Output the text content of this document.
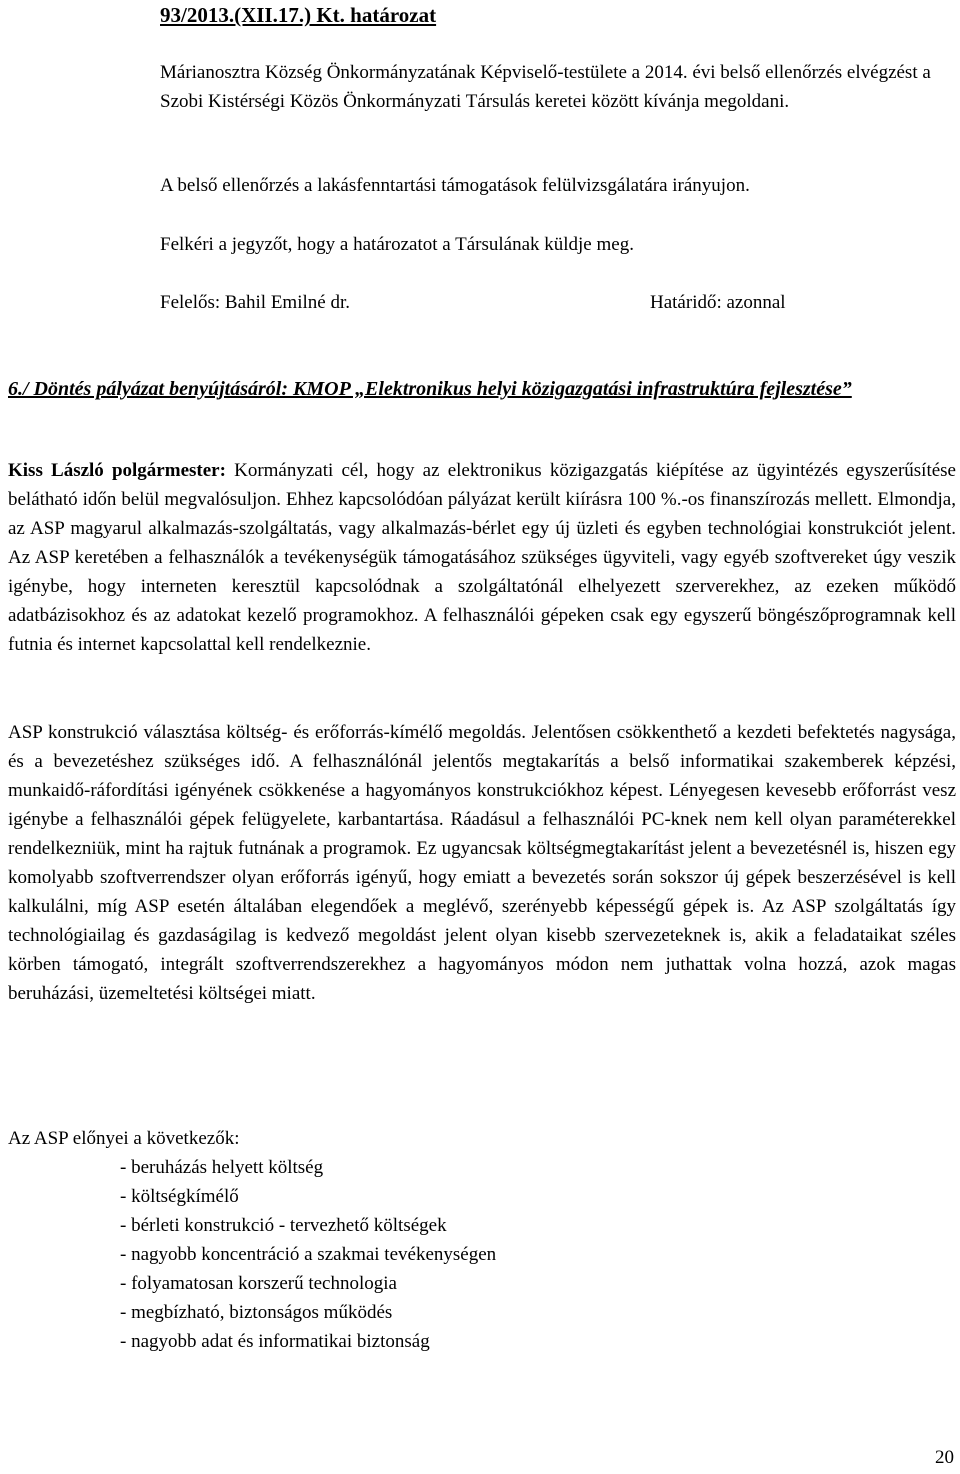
93/2013.(XII.17.) Kt. határozat

Márianosztra Község Önkormányzatának Képviselő-testülete a 2014. évi belső ellenőrzés elvégzést a Szobi Kistérségi Közös Önkormányzati Társulás keretei között kívánja megoldani.

A belső ellenőrzés a lakásfenntartási támogatások felülvizsgálatára irányujon.

Felkéri a jegyzőt, hogy a határozatot a Társulának küldje meg.

Felelős: Bahil Emilné dr.	Határidő: azonnal
6./ Döntés pályázat benyújtásáról: KMOP „Elektronikus helyi közigazgatási infrastruktúra fejlesztése”

Kiss László polgármester: Kormányzati cél, hogy az elektronikus közigazgatás kiépítése az ügyintézés egyszerűsítése belátható időn belül megvalósuljon. Ehhez kapcsolódóan pályázat került kiírásra 100 %.-os finanszírozás mellett. Elmondja, az ASP magyarul alkalmazás-szolgáltatás, vagy alkalmazás-bérlet egy új üzleti és egyben technológiai konstrukciót jelent. Az ASP keretében a felhasználók a tevékenységük támogatásához szükséges ügyviteli, vagy egyéb szoftvereket úgy veszik igénybe, hogy interneten keresztül kapcsolódnak a szolgáltatónál elhelyezett szerverekhez, az ezeken működő adatbázisokhoz és az adatokat kezelő programokhoz. A felhasználói gépeken csak egy egyszerű böngészőprogramnak kell futnia és internet kapcsolattal kell rendelkeznie.

ASP konstrukció választása költség- és erőforrás-kímélő megoldás. Jelentősen csökkenthető a kezdeti befektetés nagysága, és a bevezetéshez szükséges idő. A felhasználónál jelentős megtakarítás a belső informatikai szakemberek képzési, munkaidő-ráfordítási igényének csökkenése a hagyományos konstrukciókhoz képest. Lényegesen kevesebb erőforrást vesz igénybe a felhasználói gépek felügyelete, karbantartása. Ráadásul a felhasználói PC-knek nem kell olyan paraméterekkel rendelkezniük, mint ha rajtuk futnának a programok. Ez ugyancsak költségmegtakarítást jelent a bevezetésnél is, hiszen egy komolyabb szoftverrendszer olyan erőforrás igényű, hogy emiatt a bevezetés során sokszor új gépek beszerzésével is kell kalkulálni, míg ASP esetén általában elegendőek a meglévő, szerényebb képességű gépek is. Az ASP szolgáltatás így technológiailag és gazdaságilag is kedvező megoldást jelent olyan kisebb szervezeteknek is, akik a feladataikat széles körben támogató, integrált szoftverrendszerekhez a hagyományos módon nem juthattak volna hozzá, azok magas beruházási, üzemeltetési költségei miatt.

Az ASP előnyei a következők:

- beruházás helyett költség
- költségkímélő
- bérleti konstrukció - tervezhető költségek
- nagyobb koncentráció a szakmai tevékenységen
- folyamatosan korszerű technologia
- megbízható, biztonságos működés
- nagyobb adat és informatikai biztonság
20
